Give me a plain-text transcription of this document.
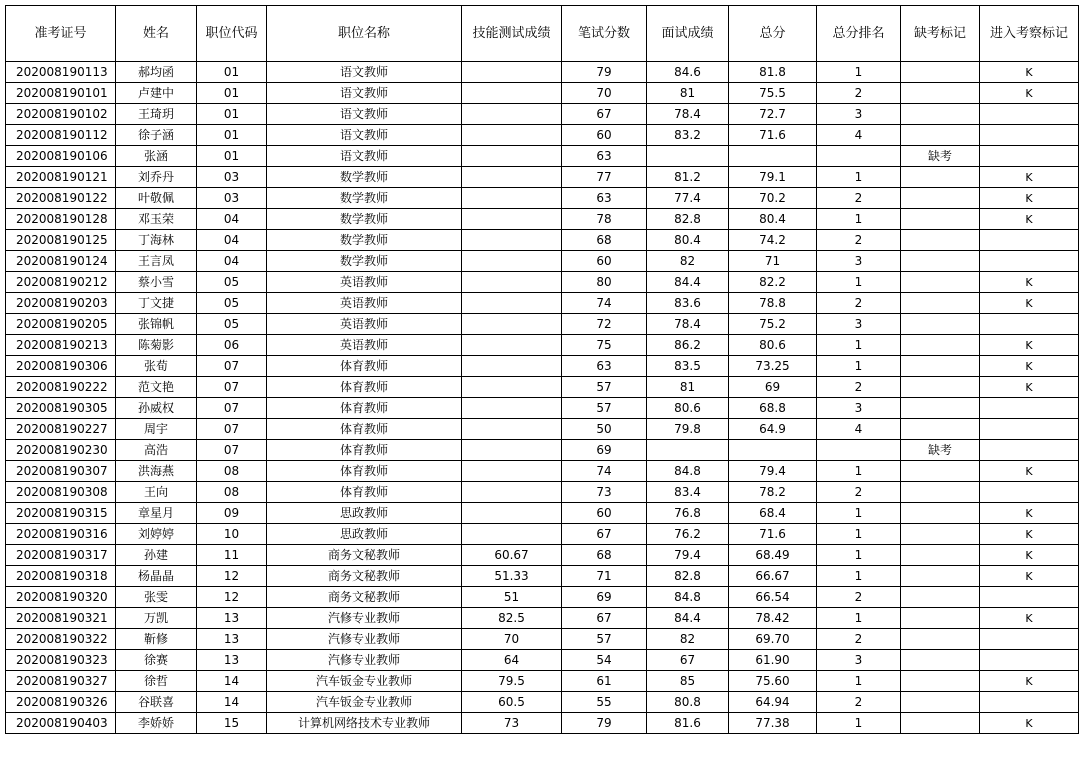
准考证号	姓名	职位代码	职位名称	技能测试成绩	笔试分数	面试成绩	总分	总分排名	缺考标记	进入考察标记
202008190113	郝均函	01	语文教师		79	84.6	81.8	1		K
202008190101	卢建中	01	语文教师		70	81	75.5	2		K
202008190102	王琦玥	01	语文教师		67	78.4	72.7	3		
202008190112	徐子涵	01	语文教师		60	83.2	71.6	4		
202008190106	张涵	01	语文教师		63				缺考	
202008190121	刘乔丹	03	数学教师		77	81.2	79.1	1		K
202008190122	叶敬佩	03	数学教师		63	77.4	70.2	2		K
202008190128	邓玉荣	04	数学教师		78	82.8	80.4	1		K
202008190125	丁海林	04	数学教师		68	80.4	74.2	2		
202008190124	王言凤	04	数学教师		60	82	71	3		
202008190212	蔡小雪	05	英语教师		80	84.4	82.2	1		K
202008190203	丁文捷	05	英语教师		74	83.6	78.8	2		K
202008190205	张锦帆	05	英语教师		72	78.4	75.2	3		
202008190213	陈菊影	06	英语教师		75	86.2	80.6	1		K
202008190306	张荀	07	体育教师		63	83.5	73.25	1		K
202008190222	范文艳	07	体育教师		57	81	69	2		K
202008190305	孙威权	07	体育教师		57	80.6	68.8	3		
202008190227	周宇	07	体育教师		50	79.8	64.9	4		
202008190230	高浩	07	体育教师		69				缺考	
202008190307	洪海燕	08	体育教师		74	84.8	79.4	1		K
202008190308	王向	08	体育教师		73	83.4	78.2	2		
202008190315	章星月	09	思政教师		60	76.8	68.4	1		K
202008190316	刘婷婷	10	思政教师		67	76.2	71.6	1		K
202008190317	孙建	11	商务文秘教师	60.67	68	79.4	68.49	1		K
202008190318	杨晶晶	12	商务文秘教师	51.33	71	82.8	66.67	1		K
202008190320	张雯	12	商务文秘教师	51	69	84.8	66.54	2		
202008190321	万凯	13	汽修专业教师	82.5	67	84.4	78.42	1		K
202008190322	靳修	13	汽修专业教师	70	57	82	69.70	2		
202008190323	徐赛	13	汽修专业教师	64	54	67	61.90	3		
202008190327	徐哲	14	汽车钣金专业教师	79.5	61	85	75.60	1		K
202008190326	谷联喜	14	汽车钣金专业教师	60.5	55	80.8	64.94	2		
202008190403	李娇娇	15	计算机网络技术专业教师	73	79	81.6	77.38	1		K
